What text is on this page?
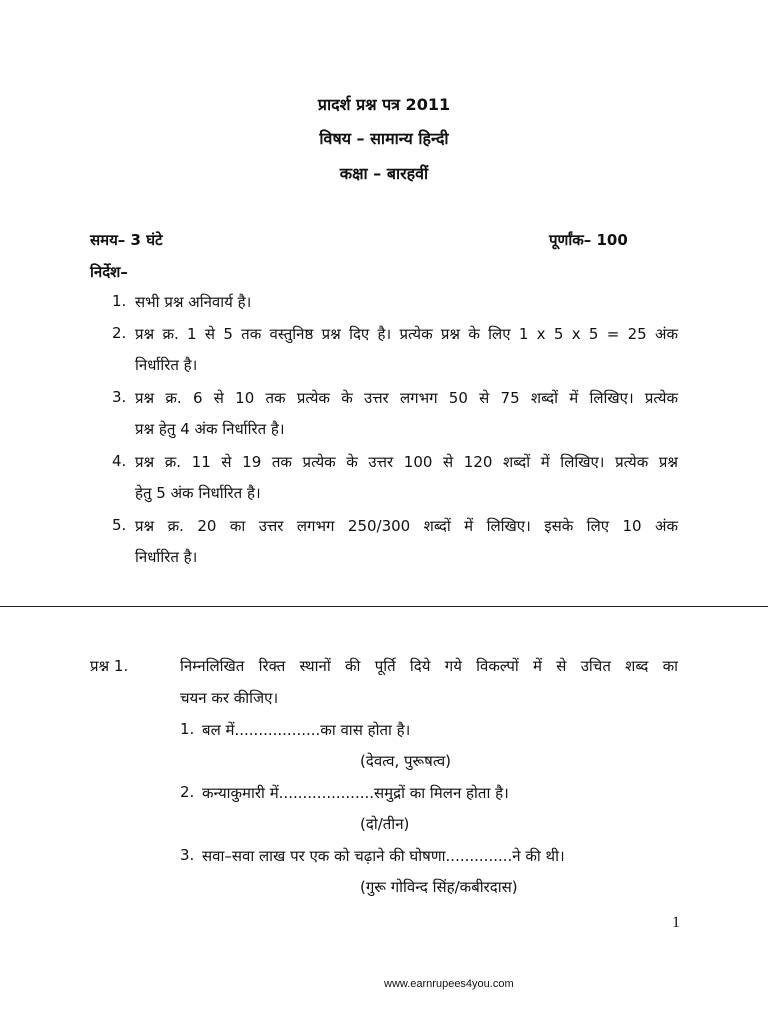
प्रादर्श प्रश्न पत्र 2011
विषय – सामान्य हिन्दी
कक्षा – बारहवीं
समय– 3 घंटे	पूर्णांक– 100
निर्देश–
1. सभी प्रश्न अनिवार्य है।
2. प्रश्न क्र. 1 से 5 तक वस्तुनिष्ठ प्रश्न दिए है। प्रत्येक प्रश्न के लिए 1 x 5 x 5 = 25 अंक
निर्धारित है।
3. प्रश्न क्र. 6 से 10 तक प्रत्येक के उत्तर लगभग 50 से 75 शब्दों में लिखिए। प्रत्येक
प्रश्न हेतु 4 अंक निर्धारित है।
4. प्रश्न क्र. 11 से 19 तक प्रत्येक के उत्तर 100 से 120 शब्दों में लिखिए। प्रत्येक प्रश्न
हेतु 5 अंक निर्धारित है।
5. प्रश्न क्र. 20 का उत्तर लगभग 250/300 शब्दों में लिखिए। इसके लिए 10 अंक
निर्धारित है।
प्रश्न 1.	निम्नलिखित रिक्त स्थानों की पूर्ति दिये गये विकल्पों में से उचित शब्द का
चयन कर कीजिए।
1. बल में..................का वास होता है।
(देवत्व, पुरूषत्व)
2. कन्याकुमारी में....................समुद्रों का मिलन होता है।
(दो/तीन)
3. सवा–सवा लाख पर एक को चढ़ाने की घोषणा..............ने की थी।
(गुरू गोविन्द सिंह/कबीरदास)
1
www.earnrupees4you.com
